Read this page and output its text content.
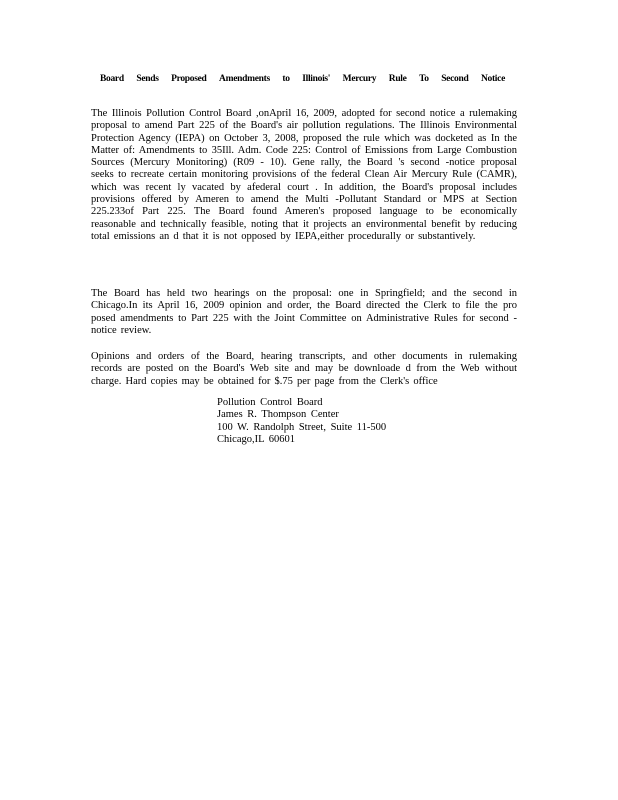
Board Sends Proposed Amendments to Illinois' Mercury Rule To Second Notice
The Illinois Pollution Control Board ,onApril 16, 2009, adopted for second notice a rulemaking proposal to amend Part 225 of the Board's air pollution regulations. The Illinois Environmental Protection Agency (IEPA) on October 3, 2008, proposed the rule which was docketed as In the Matter of: Amendments to 35Ill. Adm. Code 225: Control of Emissions from Large Combustion Sources (Mercury Monitoring) (R09 - 10). Gene rally, the Board 's second -notice proposal seeks to recreate certain monitoring provisions of the federal Clean Air Mercury Rule (CAMR), which was recent ly vacated by afederal court . In addition, the Board's proposal includes provisions offered by Ameren to amend the Multi -Pollutant Standard or MPS at Section 225.233of Part 225. The Board found Ameren's proposed language to be economically reasonable and technically feasible, noting that it projects an environmental benefit by reducing total emissions an d that it is not opposed by IEPA,either procedurally or substantively.
The Board has held two hearings on the proposal: one in Springfield; and the second in Chicago.In its April 16, 2009 opinion and order, the Board directed the Clerk to file the pro posed amendments to Part 225 with the Joint Committee on Administrative Rules for second -notice review.
Opinions and orders of the Board, hearing transcripts, and other documents in rulemaking records are posted on the Board's Web site and may be downloade d from the Web without charge. Hard copies may be obtained for $.75 per page from the Clerk's office
Pollution Control Board
James R. Thompson Center
100 W. Randolph Street, Suite 11-500
Chicago,IL 60601
